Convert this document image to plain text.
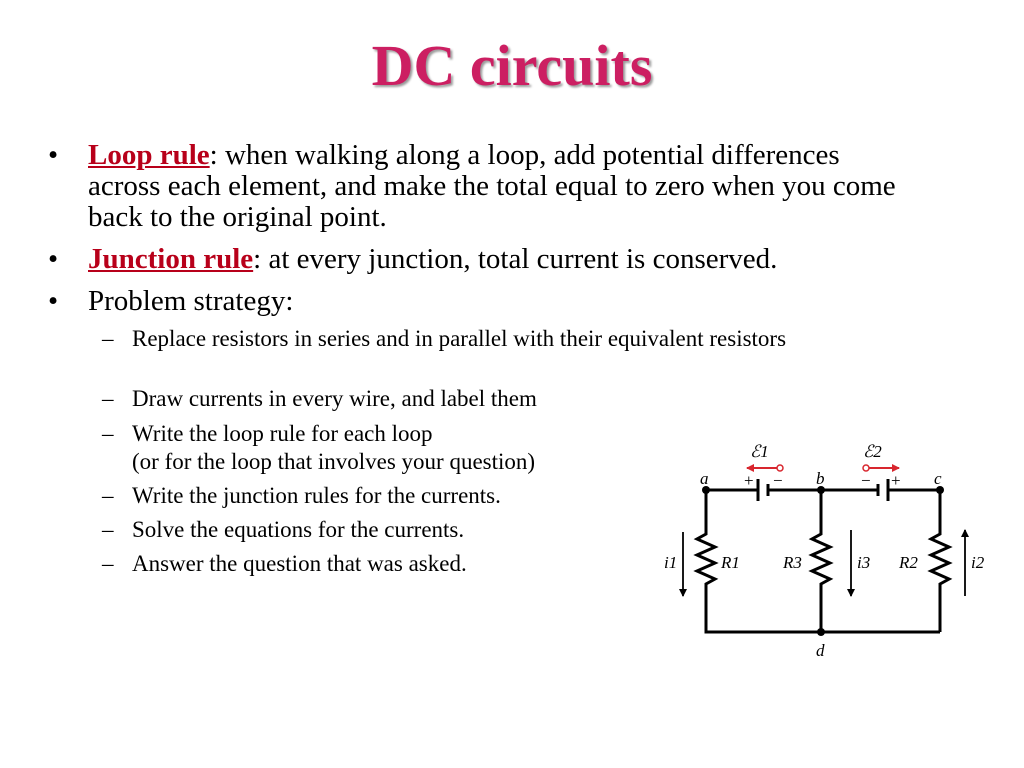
DC circuits
• Loop rule: when walking along a loop, add potential differences across each element, and make the total equal to zero when you come back to the original point.
• Junction rule: at every junction, total current is conserved.
• Problem strategy:
– Replace resistors in series and in parallel with their equivalent resistors
– Draw currents in every wire, and label them
– Write the loop rule for each loop
(or for the loop that involves your question)
– Write the junction rules for the currents.
– Solve the equations for the currents.
– Answer the question that was asked.
a	b	c
d
+ −	− +
ℰ1	ℰ2
R1	R3	R2
i1	i3	i2
